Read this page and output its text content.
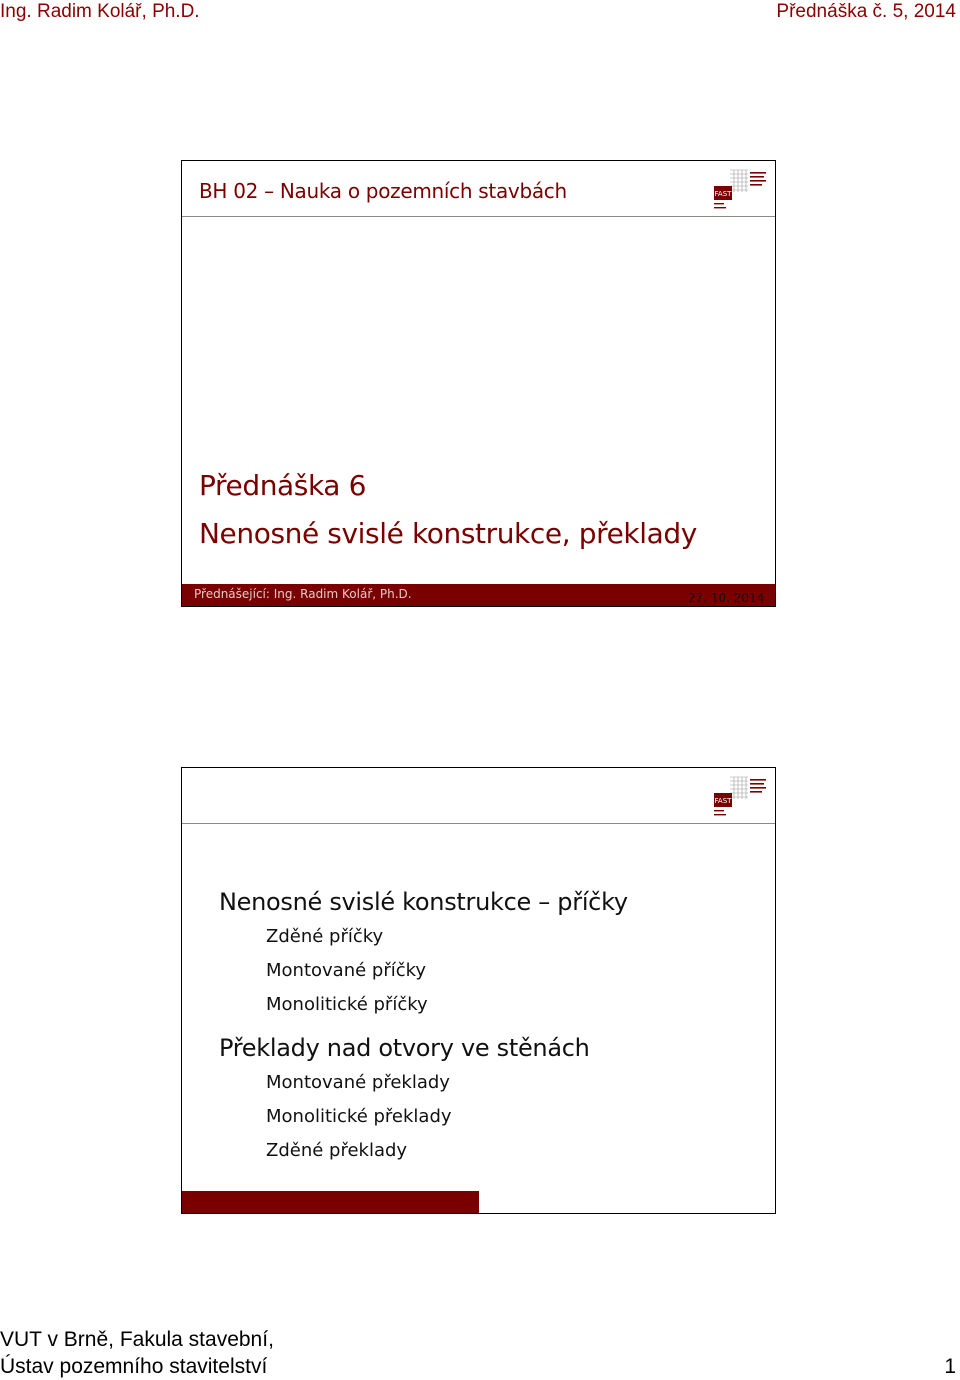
Ing. Radim Kolář, Ph.D.	Přednáška č. 5, 2014
BH 02 – Nauka o pozemních stavbách	FAST
Přednáška 6
Nenosné svislé konstrukce, překlady
Přednášející: Ing. Radim Kolář, Ph.D.	27. 10. 2014
FAST
Nenosné svislé konstrukce – příčky
Zděné příčky
Montované příčky
Monolitické příčky
Překlady nad otvory ve stěnách
Montované překlady
Monolitické překlady
Zděné překlady
VUT v Brně, Fakula stavební,
Ústav pozemního stavitelství	1
